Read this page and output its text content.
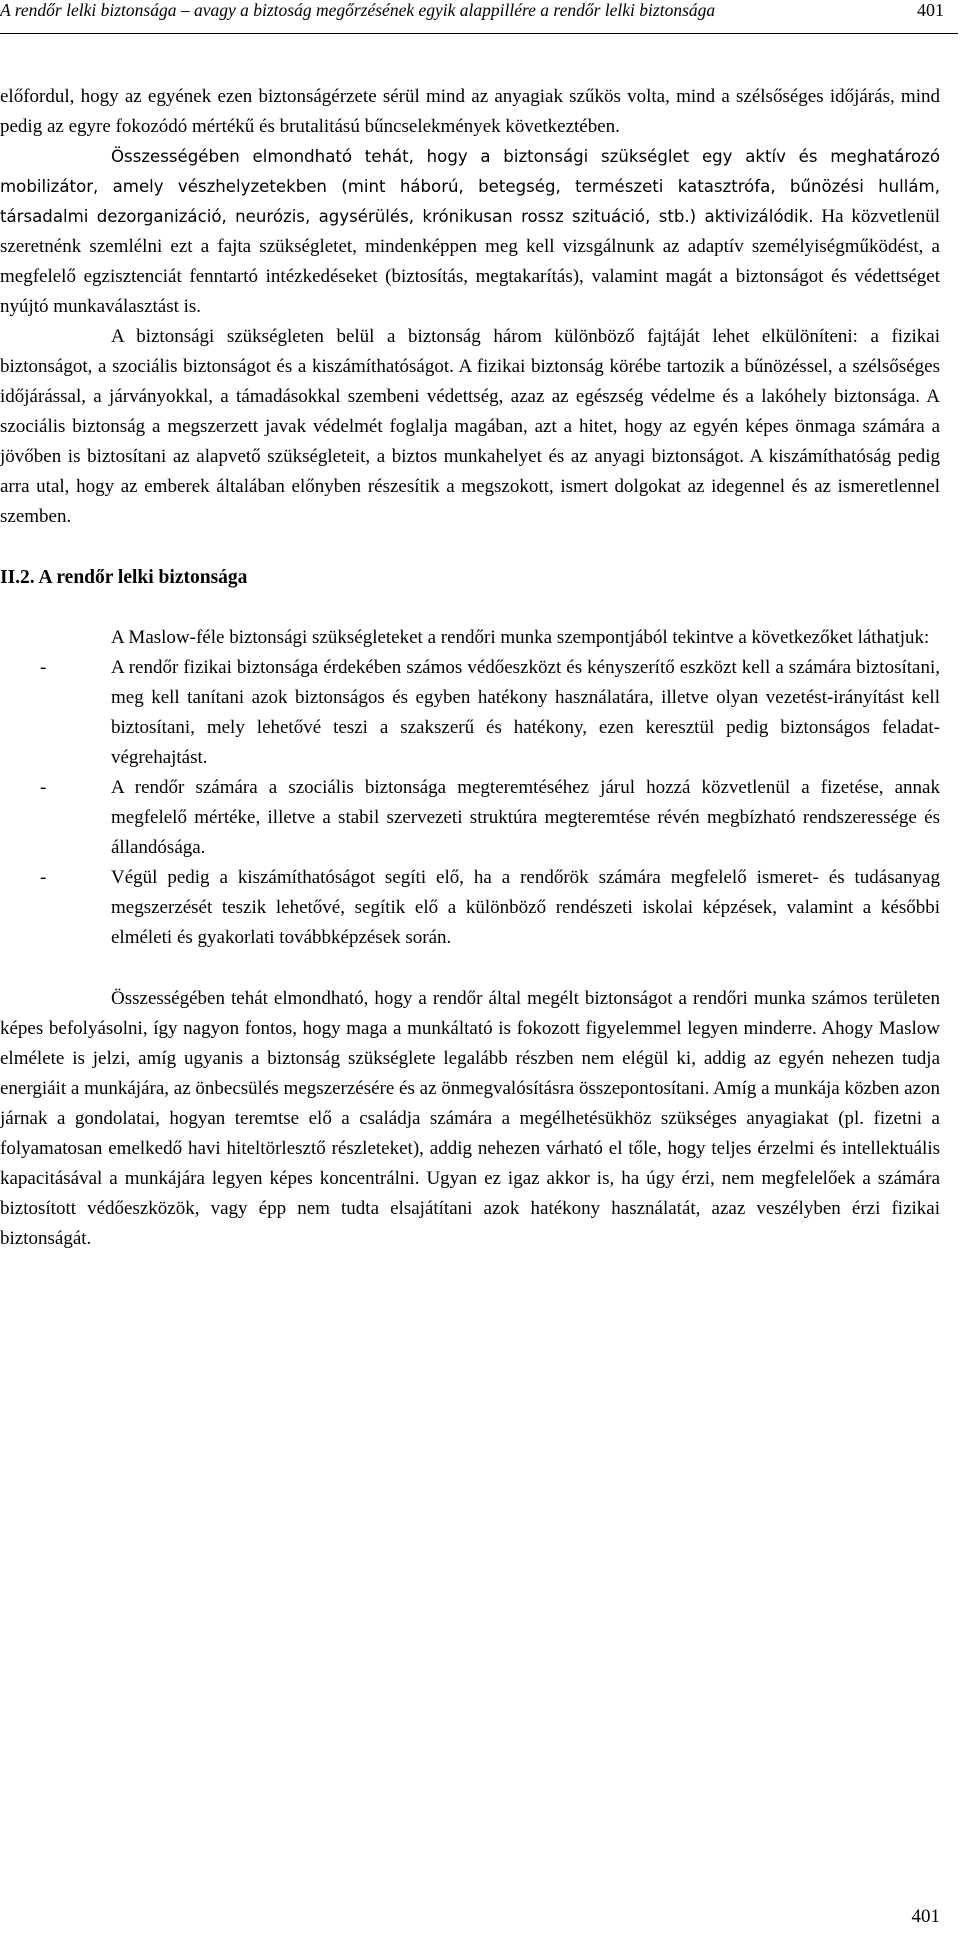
A rendőr lelki biztonsága – avagy a biztoság megőrzésének egyik alappillére a rendőr lelki biztonsága	401

előfordul, hogy az egyének ezen biztonságérzete sérül mind az anyagiak szűkös volta, mind a szélsőséges időjárás, mind pedig az egyre fokozódó mértékű és brutalitású bűncselekmények következtében.

Összességében elmondható tehát, hogy a biztonsági szükséglet egy aktív és meghatározó mobilizátor, amely vészhelyzetekben (mint háború, betegség, természeti katasztrófa, bűnözési hullám, társadalmi dezorganizáció, neurózis, agysérülés, krónikusan rossz szituáció, stb.) aktivizálódik. Ha közvetlenül szeretnénk szemlélni ezt a fajta szükségletet, mindenképpen meg kell vizsgálnunk az adaptív személyiségműködést, a megfelelő egzisztenciát fenntartó intézkedéseket (biztosítás, megtakarítás), valamint magát a biztonságot és védettséget nyújtó munkaválasztást is.

A biztonsági szükségleten belül a biztonság három különböző fajtáját lehet elkülöníteni: a fizikai biztonságot, a szociális biztonságot és a kiszámíthatóságot. A fizikai biztonság körébe tartozik a bűnözéssel, a szélsőséges időjárással, a járványokkal, a támadásokkal szembeni védettség, azaz az egészség védelme és a lakóhely biztonsága. A szociális biztonság a megszerzett javak védelmét foglalja magában, azt a hitet, hogy az egyén képes önmaga számára a jövőben is biztosítani az alapvető szükségleteit, a biztos munkahelyet és az anyagi biztonságot. A kiszámíthatóság pedig arra utal, hogy az emberek általában előnyben részesítik a megszokott, ismert dolgokat az idegennel és az ismeretlennel szemben.

II.2. A rendőr lelki biztonsága

A Maslow-féle biztonsági szükségleteket a rendőri munka szempontjából tekintve a következőket láthatjuk:

-	A rendőr fizikai biztonsága érdekében számos védőeszközt és kényszerítő eszközt kell a számára biztosítani, meg kell tanítani azok biztonságos és egyben hatékony használatára, illetve olyan vezetést-irányítást kell biztosítani, mely lehetővé teszi a szakszerű és hatékony, ezen keresztül pedig biztonságos feladat-végrehajtást.

-	A rendőr számára a szociális biztonsága megteremtéséhez járul hozzá közvetlenül a fizetése, annak megfelelő mértéke, illetve a stabil szervezeti struktúra megteremtése révén megbízható rendszeressége és állandósága.

-	Végül pedig a kiszámíthatóságot segíti elő, ha a rendőrök számára megfelelő ismeret- és tudásanyag megszerzését teszik lehetővé, segítik elő a különböző rendészeti iskolai képzések, valamint a későbbi elméleti és gyakorlati továbbképzések során.

Összességében tehát elmondható, hogy a rendőr által megélt biztonságot a rendőri munka számos területen képes befolyásolni, így nagyon fontos, hogy maga a munkáltató is fokozott figyelemmel legyen minderre. Ahogy Maslow elmélete is jelzi, amíg ugyanis a biztonság szükséglete legalább részben nem elégül ki, addig az egyén nehezen tudja energiáit a munkájára, az önbecsülés megszerzésére és az önmegvalósításra összepontosítani. Amíg a munkája közben azon járnak a gondolatai, hogyan teremtse elő a családja számára a megélhetésükhöz szükséges anyagiakat (pl. fizetni a folyamatosan emelkedő havi hiteltörlesztő részleteket), addig nehezen várható el tőle, hogy teljes érzelmi és intellektuális kapacitásával a munkájára legyen képes koncentrálni. Ugyan ez igaz akkor is, ha úgy érzi, nem megfelelőek a számára biztosított védőeszközök, vagy épp nem tudta elsajátítani azok hatékony használatát, azaz veszélyben érzi fizikai biztonságát.

401
